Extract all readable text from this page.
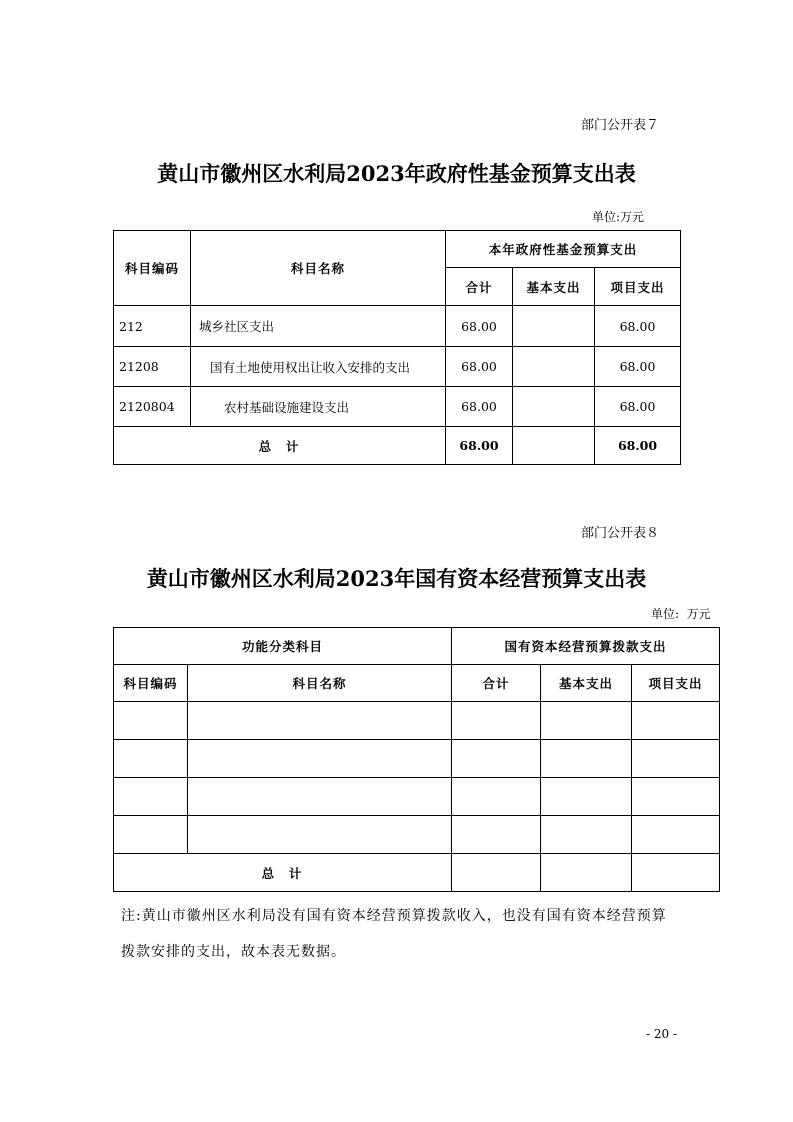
部门公开表７
黄山市徽州区水利局2023年政府性基金预算支出表
单位:万元
科目编码	科目名称	本年政府性基金预算支出		
		合计	基本支出	项目支出
212	城乡社区支出	68.00		68.00
21208	国有土地使用权出让收入安排的支出	68.00		68.00
2120804	农村基础设施建设支出	68.00		68.00
总  计		68.00		68.00
部门公开表８
黄山市徽州区水利局2023年国有资本经营预算支出表
单位:  万元
功能分类科目		国有资本经营预算拨款支出		
科目编码	科目名称	合计	基本支出	项目支出

总  计				
注:黄山市徽州区水利局没有国有资本经营预算拨款收入，也没有国有资本经营预算
拨款安排的支出，故本表无数据。
- 20 -
